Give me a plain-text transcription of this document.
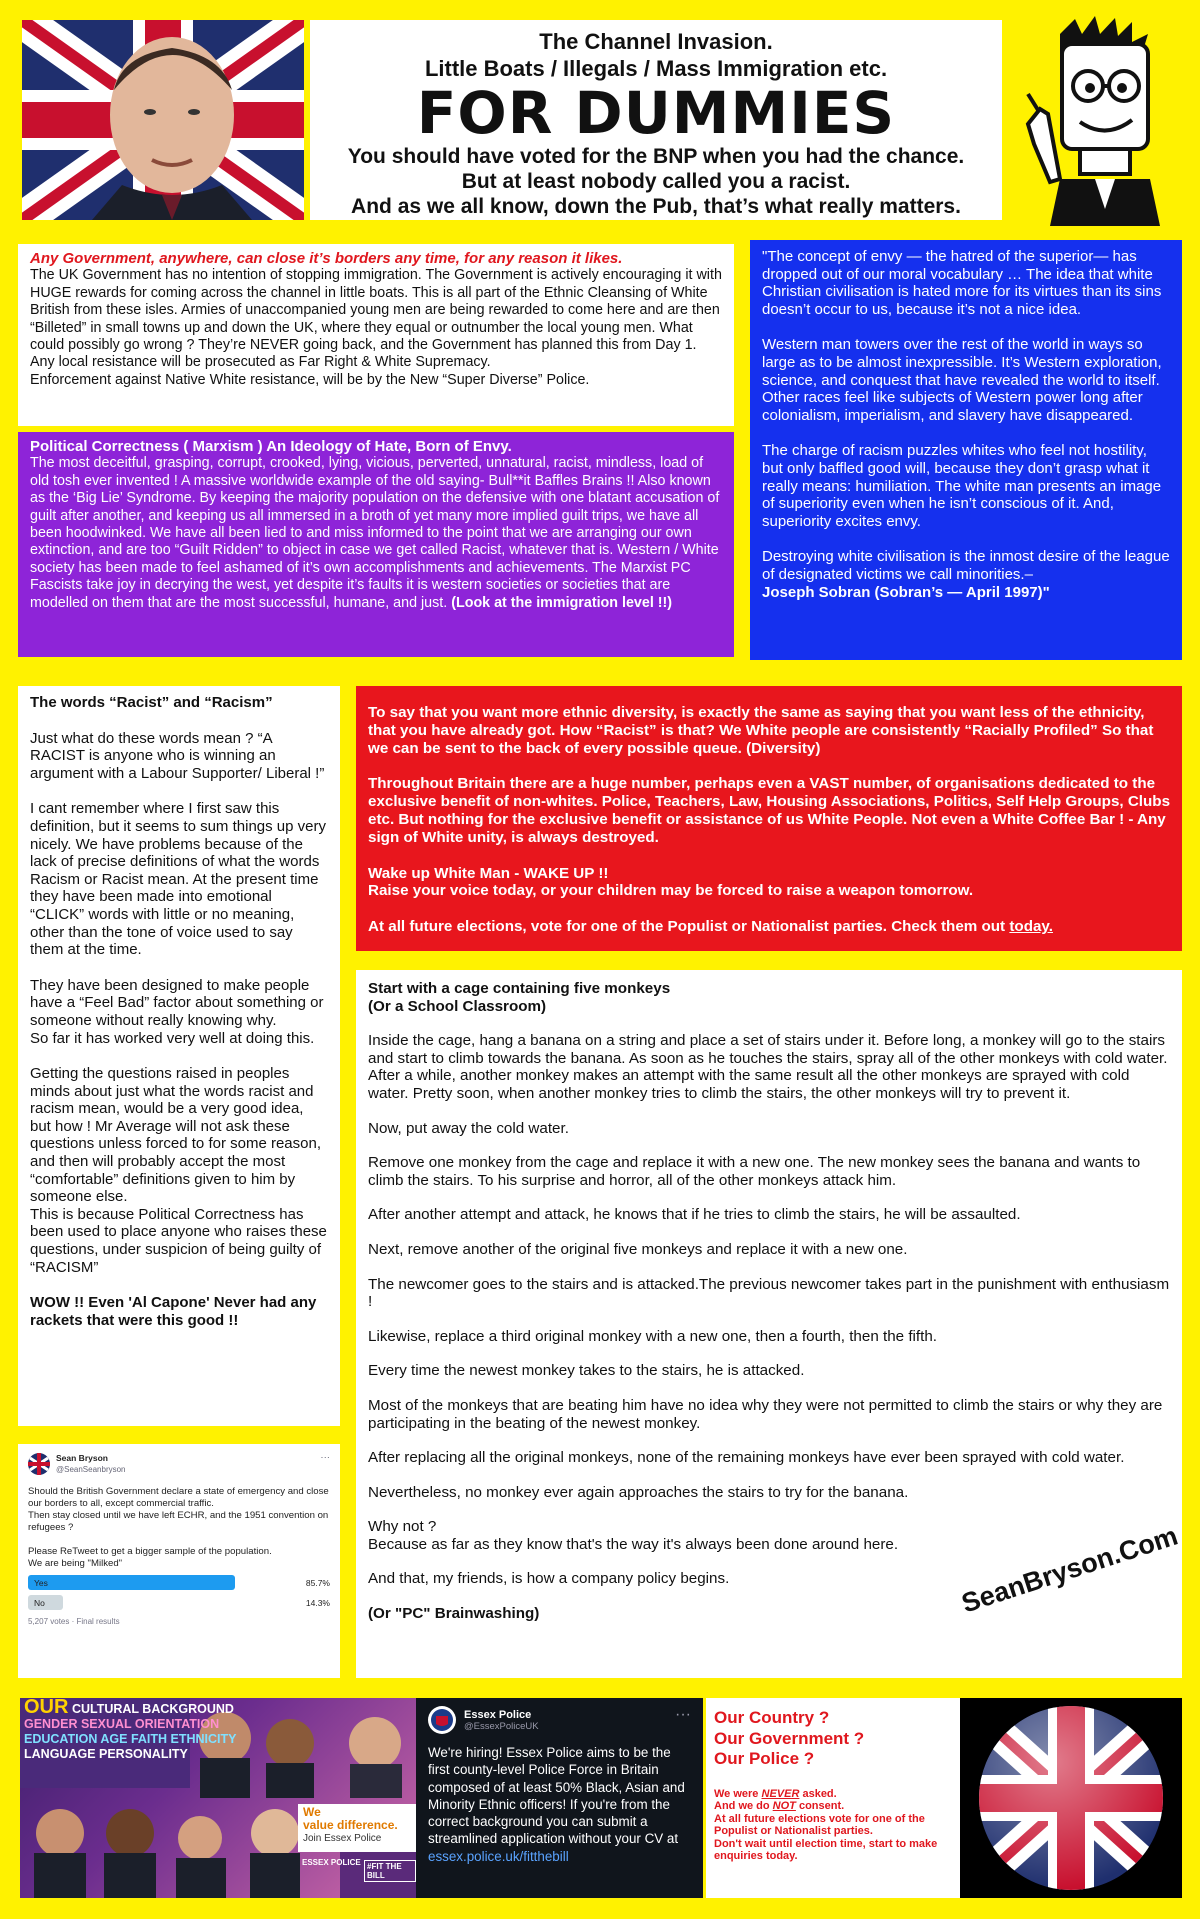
The Channel Invasion.
Little Boats / Illegals / Mass Immigration etc.
FOR DUMMIES
You should have voted for the BNP when you had the chance.
But at least nobody called you a racist.
And as we all know, down the Pub, that’s what really matters.
Any Government, anywhere, can close it’s borders any time, for any reason it likes.
The UK Government has no intention of stopping immigration. The Government is actively encouraging it with HUGE rewards for coming across the channel in little boats. This is all part of the Ethnic Cleansing of White British from these isles. Armies of unaccompanied young men are being rewarded to come here and are then “Billeted” in small towns up and down the UK, where they equal or outnumber the local young men. What could possibly go wrong ? They’re NEVER going back, and the Government has planned this from Day 1. Any local resistance will be prosecuted as Far Right & White Supremacy.
Enforcement against Native White resistance, will be by the New “Super Diverse” Police.
Political Correctness ( Marxism ) An Ideology of Hate, Born of Envy.
The most deceitful, grasping, corrupt, crooked, lying, vicious, perverted, unnatural, racist, mindless, load of old tosh ever invented ! A massive worldwide example of the old saying- Bull**it Baffles Brains !! Also known as the ‘Big Lie’ Syndrome. By keeping the majority population on the defensive with one blatant accusation of guilt after another, and keeping us all immersed in a broth of yet many more implied guilt trips, we have all been hoodwinked. We have all been lied to and miss informed to the point that we are arranging our own extinction, and are too “Guilt Ridden” to object in case we get called Racist, whatever that is. Western / White society has been made to feel ashamed of it’s own accomplishments and achievements. The Marxist PC Fascists take joy in decrying the west, yet despite it’s faults it is western societies or societies that are modelled on them that are the most successful, humane, and just. (Look at the immigration level !!)

"The concept of envy — the hatred of the superior— has dropped out of our moral vocabulary … The idea that white Christian civilisation is hated more for its virtues than its sins doesn’t occur to us, because it’s not a nice idea.

Western man towers over the rest of the world in ways so large as to be almost inexpressible. It’s Western exploration, science, and conquest that have revealed the world to itself. Other races feel like subjects of Western power long after colonialism, imperialism, and slavery have disappeared.

The charge of racism puzzles whites who feel not hostility, but only baffled good will, because they don’t grasp what it really means: humiliation. The white man presents an image of superiority even when he isn’t conscious of it. And, superiority excites envy.

Destroying white civilisation is the inmost desire of the league of designated victims we call minorities.–
Joseph Sobran (Sobran’s — April 1997)"

The words “Racist” and “Racism”

Just what do these words mean ? “A RACIST is anyone who is winning an argument with a Labour Supporter/ Liberal !”

I cant remember where I first saw this definition, but it seems to sum things up very nicely. We have problems because of the lack of precise definitions of what the words Racism or Racist mean. At the present time they have been made into emotional “CLICK” words with little or no meaning, other than the tone of voice used to say them at the time.

They have been designed to make people have a “Feel Bad” factor about something or someone without really knowing why.

So far it has worked very well at doing this.

Getting the questions raised in peoples minds about just what the words racist and racism mean, would be a very good idea, but how ! Mr Average will not ask these questions unless forced to for some reason, and then will probably accept the most “comfortable” definitions given to him by someone else.

This is because Political Correctness has been used to place anyone who raises these questions, under suspicion of being guilty of “RACISM”

WOW !! Even 'Al Capone' Never had any rackets that were this good !!

To say that you want more ethnic diversity, is exactly the same as saying that you want less of the ethnicity, that you have already got. How “Racist” is that? We White people are consistently “Racially Profiled” So that we can be sent to the back of every possible queue. (Diversity)

Throughout Britain there are a huge number, perhaps even a VAST number, of organisations dedicated to the exclusive benefit of non-whites. Police, Teachers, Law, Housing Associations, Politics, Self Help Groups, Clubs etc. But nothing for the exclusive benefit or assistance of us White People. Not even a White Coffee Bar ! - Any sign of White unity, is always destroyed.

Wake up White Man - WAKE UP !!

Raise your voice today, or your children may be forced to raise a weapon tomorrow.

At all future elections, vote for one of the Populist or Nationalist parties. Check them out today.
Start with a cage containing five monkeys

(Or a School Classroom)

Inside the cage, hang a banana on a string and place a set of stairs under it. Before long, a monkey will go to the stairs and start to climb towards the banana. As soon as he touches the stairs, spray all of the other monkeys with cold water. After a while, another monkey makes an attempt with the same result all the other monkeys are sprayed with cold water. Pretty soon, when another monkey tries to climb the stairs, the other monkeys will try to prevent it.

Now, put away the cold water.

Remove one monkey from the cage and replace it with a new one. The new monkey sees the banana and wants to climb the stairs. To his surprise and horror, all of the other monkeys attack him.

After another attempt and attack, he knows that if he tries to climb the stairs, he will be assaulted.

Next, remove another of the original five monkeys and replace it with a new one.

The newcomer goes to the stairs and is attacked.The previous newcomer takes part in the punishment with enthusiasm !

Likewise, replace a third original monkey with a new one, then a fourth, then the fifth.

Every time the newest monkey takes to the stairs, he is attacked.

Most of the monkeys that are beating him have no idea why they were not permitted to climb the stairs or why they are participating in the beating of the newest monkey.

After replacing all the original monkeys, none of the remaining monkeys have ever been sprayed with cold water.

Nevertheless, no monkey ever again approaches the stairs to try for the banana.

Why not ?

Because as far as they know that's the way it's always been done around here.

And that, my friends, is how a company policy begins.

(Or "PC" Brainwashing)	SeanBryson.Com
Sean Bryson
@SeanSeanbryson
···
Should the British Government declare a state of emergency and close our borders to all, except commercial traffic.
Then stay closed until we have left ECHR, and the 1951 convention on refugees ?
Please ReTweet to get a bigger sample of the population.
We are being "Milked"
Yes	85.7%
No	14.3%
5,207 votes · Final results
OUR CULTURAL BACKGROUND
GENDER SEXUAL ORIENTATION
EDUCATION AGE FAITH ETHNICITY
LANGUAGE PERSONALITY
We
value difference.
Join Essex Police
ESSEX POLICE #FIT THE BILL
Essex Police
@EssexPoliceUK
···
We're hiring! Essex Police aims to be the first county-level Police Force in Britain composed of at least 50% Black, Asian and Minority Ethnic officers! If you're from the correct background you can submit a streamlined application without your CV at essex.police.uk/fitthebill
Our Country ?
Our Government ?
Our Police ?
We were NEVER asked.
And we do NOT consent.
At all future elections vote for one of the Populist or Nationalist parties.
Don't wait until election time, start to make enquiries today.
